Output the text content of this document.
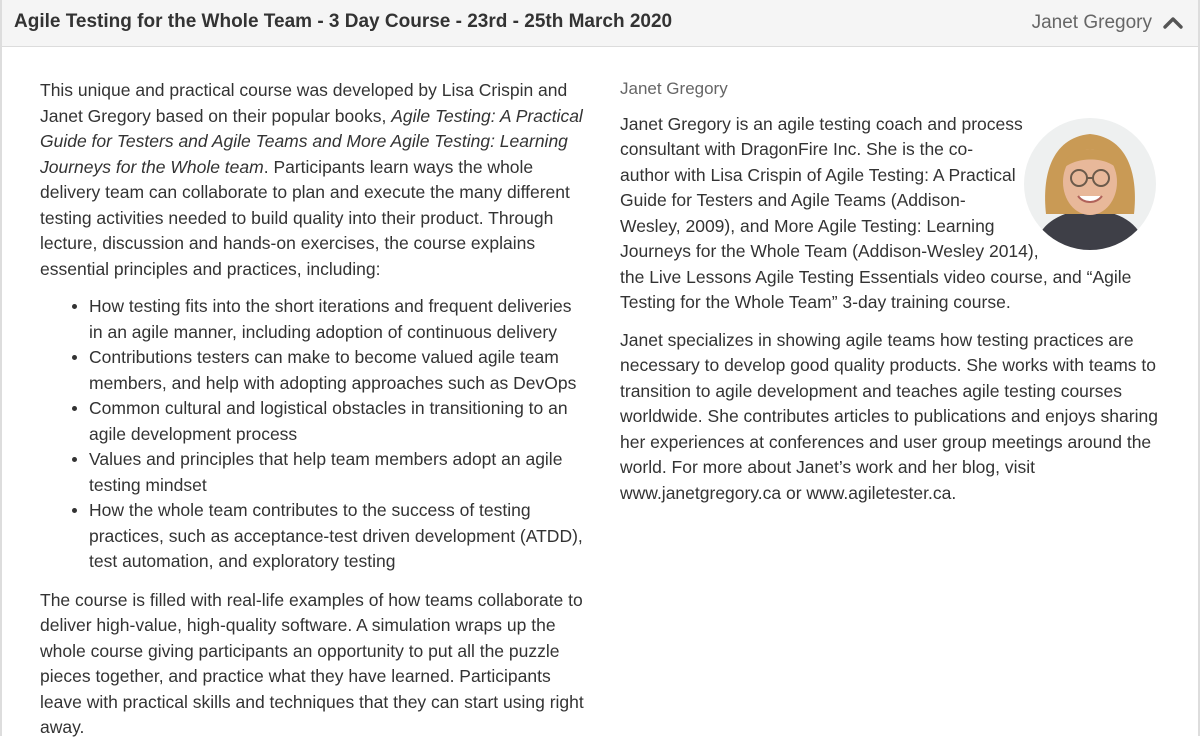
Agile Testing for the Whole Team - 3 Day Course - 23rd - 25th March 2020	Janet Gregory

This unique and practical course was developed by Lisa Crispin and Janet Gregory based on their popular books, Agile Testing: A Practical Guide for Testers and Agile Teams and More Agile Testing: Learning Journeys for the Whole team. Participants learn ways the whole delivery team can collaborate to plan and execute the many different testing activities needed to build quality into their product. Through lecture, discussion and hands-on exercises, the course explains essential principles and practices, including:

• How testing fits into the short iterations and frequent deliveries in an agile manner, including adoption of continuous delivery
• Contributions testers can make to become valued agile team members, and help with adopting approaches such as DevOps
• Common cultural and logistical obstacles in transitioning to an agile development process
• Values and principles that help team members adopt an agile testing mindset
• How the whole team contributes to the success of testing practices, such as acceptance-test driven development (ATDD), test automation, and exploratory testing

The course is filled with real-life examples of how teams collaborate to deliver high-value, high-quality software. A simulation wraps up the whole course giving participants an opportunity to put all the puzzle pieces together, and practice what they have learned. Participants leave with practical skills and techniques that they can start using right away.

Janet Gregory

Janet Gregory is an agile testing coach and process consultant with DragonFire Inc. She is the co-author with Lisa Crispin of Agile Testing: A Practical Guide for Testers and Agile Teams (Addison-Wesley, 2009), and More Agile Testing: Learning Journeys for the Whole Team (Addison-Wesley 2014), the Live Lessons Agile Testing Essentials video course, and “Agile Testing for the Whole Team” 3-day training course.

Janet specializes in showing agile teams how testing practices are necessary to develop good quality products. She works with teams to transition to agile development and teaches agile testing courses worldwide. She contributes articles to publications and enjoys sharing her experiences at conferences and user group meetings around the world. For more about Janet’s work and her blog, visit www.janetgregory.ca or www.agiletester.ca.
